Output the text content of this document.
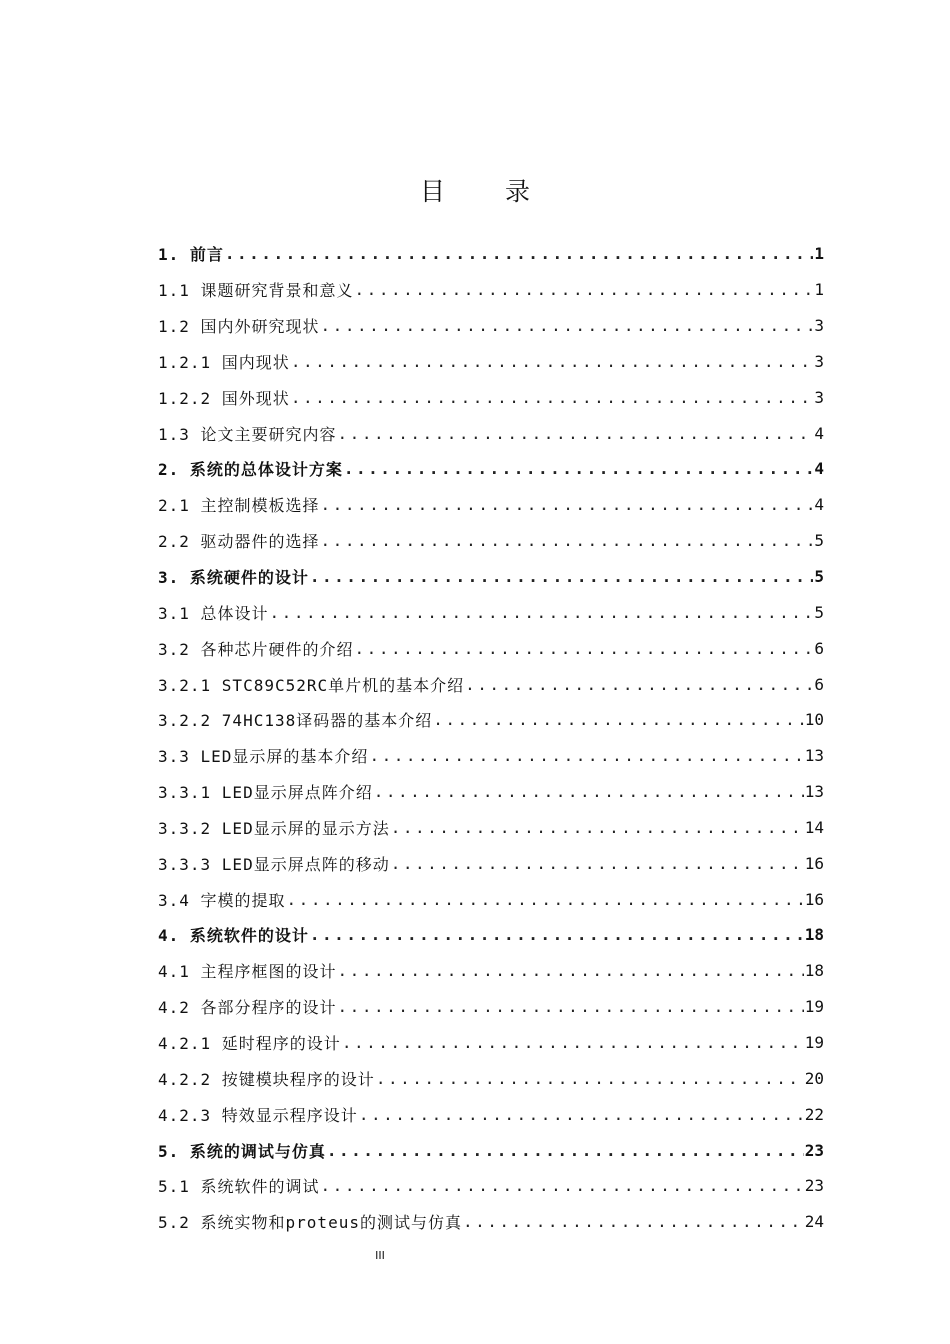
目 录
1. 前言 .....	1
1.1 课题研究背景和意义 .....	1
1.2 国内外研究现状 .....	3
1.2.1 国内现状 .....	3
1.2.2 国外现状 .....	3
1.3 论文主要研究内容 .....	4
2. 系统的总体设计方案 .....	4
2.1 主控制模板选择 .....	4
2.2 驱动器件的选择 .....	5
3. 系统硬件的设计 .....	5
3.1 总体设计 .....	5
3.2 各种芯片硬件的介绍 .....	6
3.2.1 STC89C52RC单片机的基本介绍 .....	6
3.2.2 74HC138译码器的基本介绍 .....	10
3.3 LED显示屏的基本介绍 .....	13
3.3.1 LED显示屏点阵介绍 .....	13
3.3.2 LED显示屏的显示方法 .....	14
3.3.3 LED显示屏点阵的移动 .....	16
3.4 字模的提取 .....	16
4. 系统软件的设计 .....	18
4.1 主程序框图的设计 .....	18
4.2 各部分程序的设计 .....	19
4.2.1 延时程序的设计 .....	19
4.2.2 按键模块程序的设计 .....	20
4.2.3 特效显示程序设计 .....	22
5. 系统的调试与仿真 .....	23
5.1 系统软件的调试 .....	23
5.2 系统实物和proteus的测试与仿真 .....	24
III
